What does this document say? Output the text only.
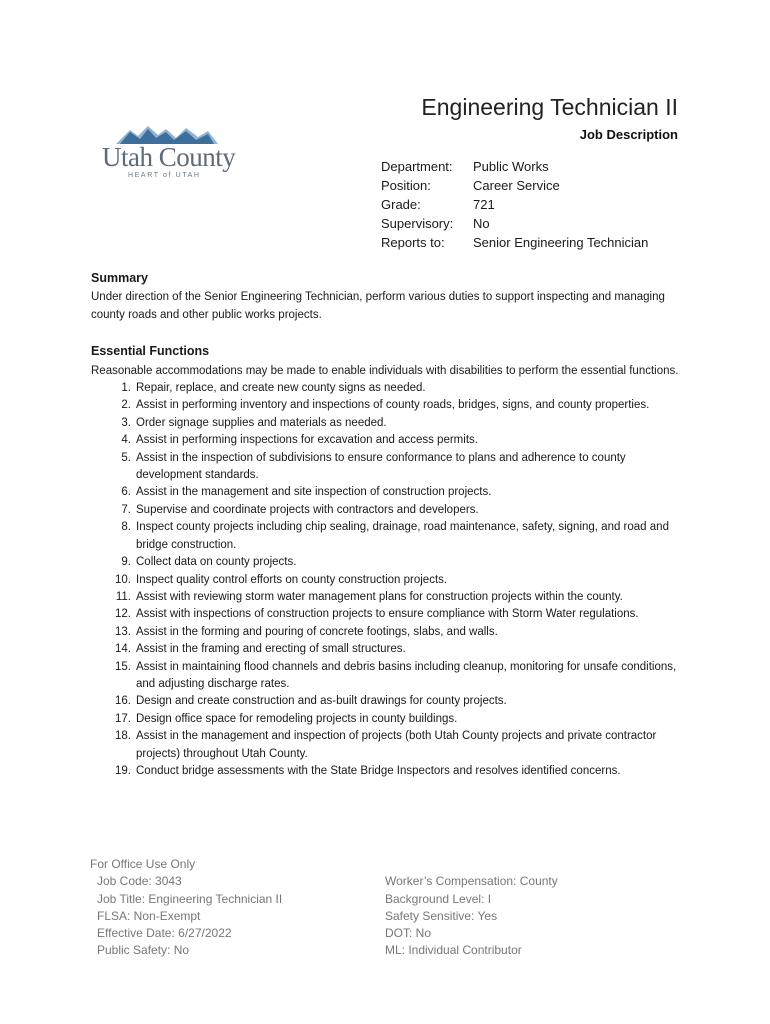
Utah County
HEART of UTAH
Engineering Technician II
Job Description
Department:	Public Works
Position:	Career Service
Grade:	721
Supervisory:	No
Reports to:	Senior Engineering Technician

Summary

Under direction of the Senior Engineering Technician, perform various duties to support inspecting and managing county roads and other public works projects.

Essential Functions

Reasonable accommodations may be made to enable individuals with disabilities to perform the essential functions.

1. Repair, replace, and create new county signs as needed.
2. Assist in performing inventory and inspections of county roads, bridges, signs, and county properties.
3. Order signage supplies and materials as needed.
4. Assist in performing inspections for excavation and access permits.
5. Assist in the inspection of subdivisions to ensure conformance to plans and adherence to county development standards.
6. Assist in the management and site inspection of construction projects.
7. Supervise and coordinate projects with contractors and developers.
8. Inspect county projects including chip sealing, drainage, road maintenance, safety, signing, and road and bridge construction.
9. Collect data on county projects.
10. Inspect quality control efforts on county construction projects.
11. Assist with reviewing storm water management plans for construction projects within the county.
12. Assist with inspections of construction projects to ensure compliance with Storm Water regulations.
13. Assist in the forming and pouring of concrete footings, slabs, and walls.
14. Assist in the framing and erecting of small structures.
15. Assist in maintaining flood channels and debris basins including cleanup, monitoring for unsafe conditions, and adjusting discharge rates.
16. Design and create construction and as-built drawings for county projects.
17. Design office space for remodeling projects in county buildings.
18. Assist in the management and inspection of projects (both Utah County projects and private contractor projects) throughout Utah County.
19. Conduct bridge assessments with the State Bridge Inspectors and resolves identified concerns.
For Office Use Only
Job Code: 3043
Job Title: Engineering Technician II
FLSA: Non-Exempt
Effective Date: 6/27/2022
Public Safety: No
Worker’s Compensation: County
Background Level: I
Safety Sensitive: Yes
DOT: No
ML: Individual Contributor
